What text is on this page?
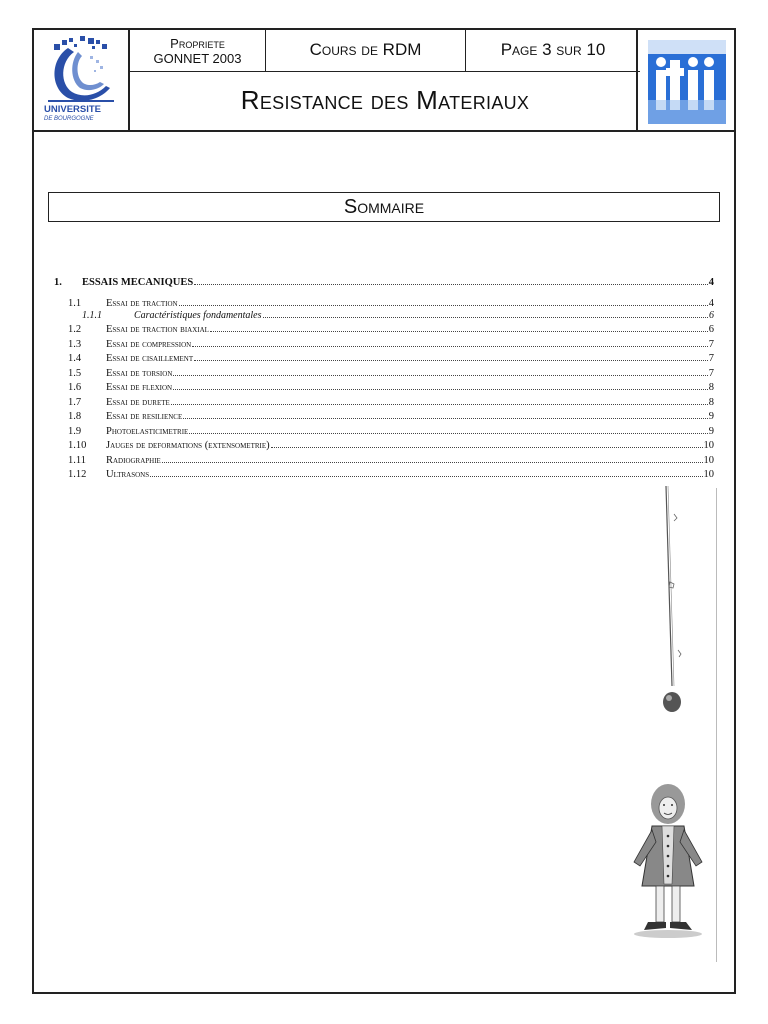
UNIVERSITE
DE BOURGOGNE
Propriete
GONNET 2003	Cours de RDM	Page 3 sur 10
Resistance des Materiaux	itii
Sommaire
1.	ESSAIS MECANIQUES	4
1.1	Essai de traction	4
1.1.1	Caractéristiques fondamentales	6
1.2	Essai de traction biaxial	6
1.3	Essai de compression	7
1.4	Essai de cisaillement	7
1.5	Essai de torsion	7
1.6	Essai de flexion	8
1.7	Essai de durete	8
1.8	Essai de resilience	9
1.9	Photoelasticimetrie	9
1.10	Jauges de deformations (extensometrie)	10
1.11	Radiographie	10
1.12	Ultrasons	10
